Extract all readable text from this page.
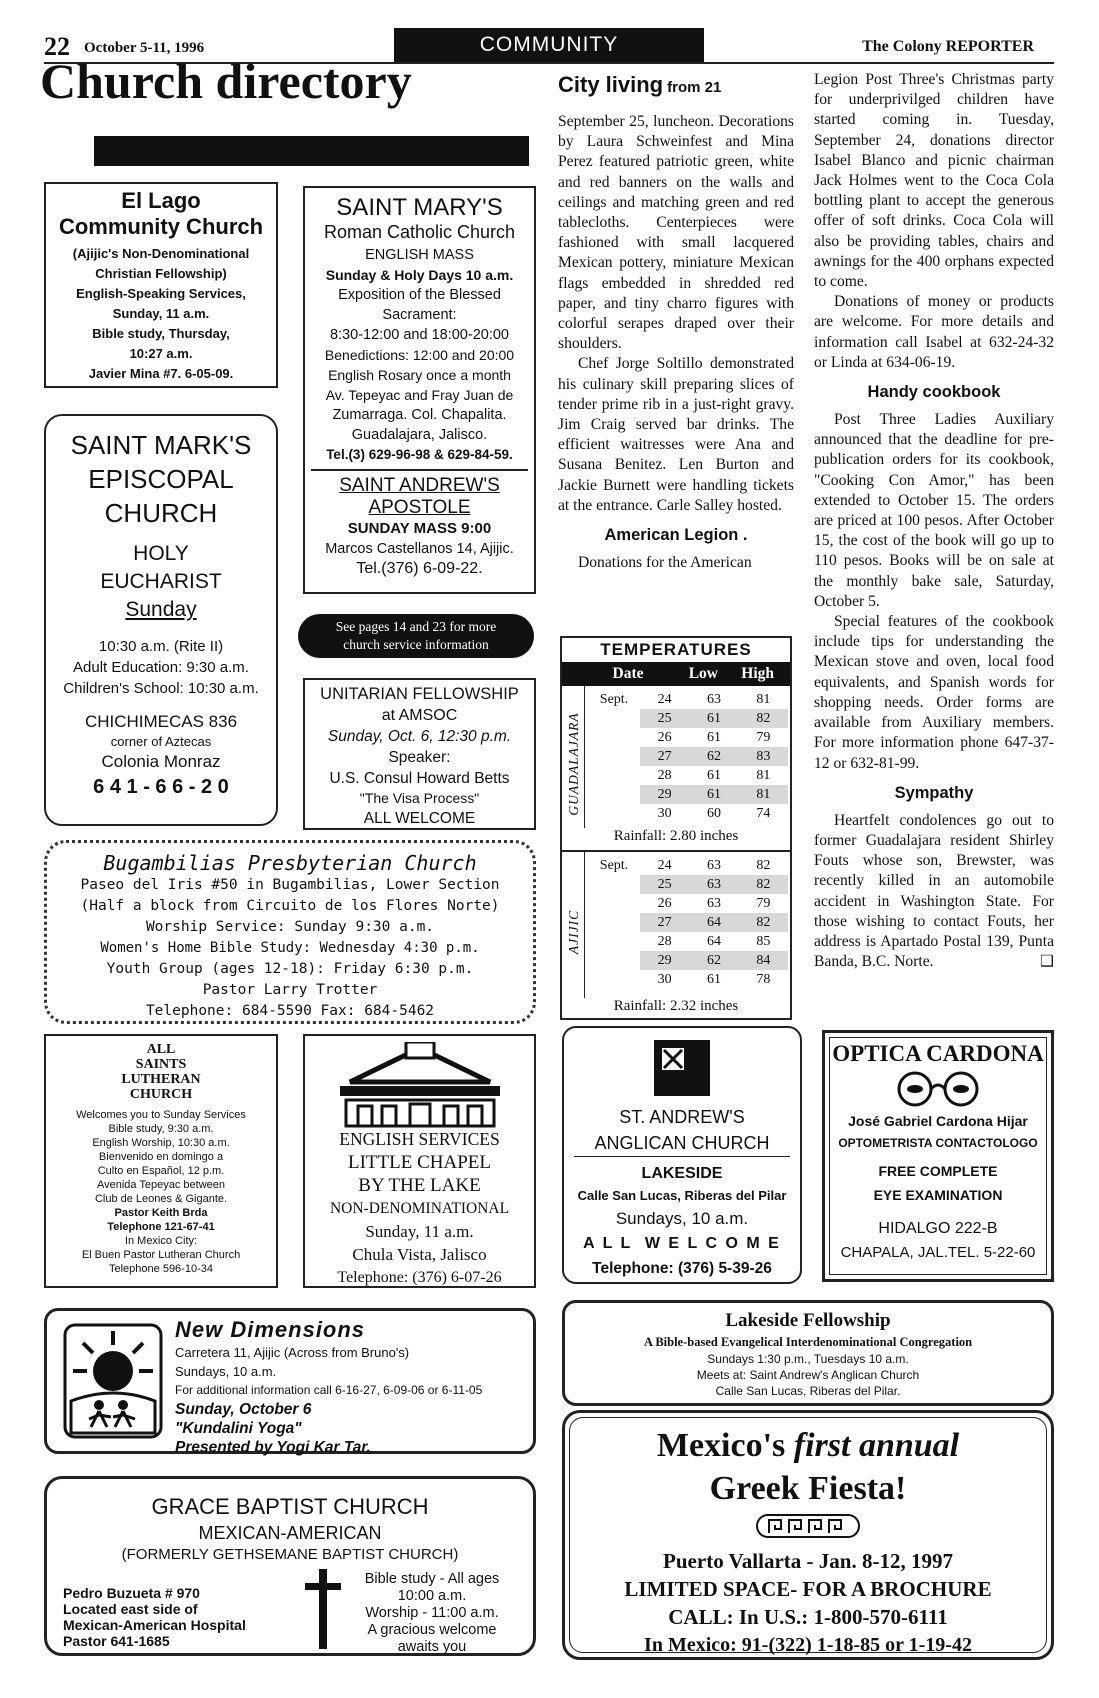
22 October 5-11, 1996	COMMUNITY	The Colony REPORTER
Church directory
El Lago
Community Church
(Ajijic's Non-Denominational
Christian Fellowship)
English-Speaking Services,
Sunday, 11 a.m.
Bible study, Thursday,
10:27 a.m.
Javier Mina #7. 6-05-09.
SAINT MARY'S
Roman Catholic Church
ENGLISH MASS
Sunday & Holy Days 10 a.m.
Exposition of the Blessed
Sacrament:
8:30-12:00 and 18:00-20:00
Benedictions: 12:00 and 20:00
English Rosary once a month
Av. Tepeyac and Fray Juan de
Zumarraga. Col. Chapalita.
Guadalajara, Jalisco.
Tel.(3) 629-96-98 & 629-84-59.
SAINT ANDREW'S APOSTOLE
SUNDAY MASS 9:00
Marcos Castellanos 14, Ajijic.
Tel.(376) 6-09-22.
SAINT MARK'S
EPISCOPAL
CHURCH
HOLY
EUCHARIST
Sunday
10:30 a.m. (Rite II)
Adult Education: 9:30 a.m.
Children's School: 10:30 a.m.
CHICHIMECAS 836
corner of Aztecas
Colonia Monraz
6 4 1 - 6 6 - 2 0
See pages 14 and 23 for more church service information
UNITARIAN FELLOWSHIP
at AMSOC
Sunday, Oct. 6, 12:30 p.m.
Speaker:
U.S. Consul Howard Betts
"The Visa Process"
ALL WELCOME
Bugambilias Presbyterian Church
Paseo del Iris #50 in Bugambilias, Lower Section
(Half a block from Circuito de los Flores Norte)
Worship Service: Sunday 9:30 a.m.
Women's Home Bible Study: Wednesday 4:30 p.m.
Youth Group (ages 12-18): Friday 6:30 p.m.
Pastor Larry Trotter
Telephone: 684-5590 Fax: 684-5462
City living from 21

September 25, luncheon. Decorations by Laura Schweinfest and Mina Perez featured patriotic green, white and red banners on the walls and ceilings and matching green and red tablecloths. Centerpieces were fashioned with small lacquered Mexican pottery, miniature Mexican flags embedded in shredded red paper, and tiny charro figures with colorful serapes draped over their shoulders.

Chef Jorge Soltillo demonstrated his culinary skill preparing slices of tender prime rib in a just-right gravy. Jim Craig served bar drinks. The efficient waitresses were Ana and Susana Benitez. Len Burton and Jackie Burnett were handling tickets at the entrance. Carle Salley hosted.

American Legion .

Donations for the American

TEMPERATURES
Date	Low	High
GUADALAJARA
Sept.	24	63	81
	25	61	82
	26	61	79
	27	62	83
	28	61	81
	29	61	81
	30	60	74
Rainfall: 2.80 inches
AJIJIC
Sept.	24	63	82
	25	63	82
	26	63	79
	27	64	82
	28	64	85
	29	62	84
	30	61	78
Rainfall: 2.32 inches

Legion Post Three's Christmas party for underprivilged children have started coming in. Tuesday, September 24, donations director Isabel Blanco and picnic chairman Jack Holmes went to the Coca Cola bottling plant to accept the generous offer of soft drinks. Coca Cola will also be providing tables, chairs and awnings for the 400 orphans expected to come.

Donations of money or products are welcome. For more details and information call Isabel at 632-24-32 or Linda at 634-06-19.

Handy cookbook

Post Three Ladies Auxiliary announced that the deadline for pre-publication orders for its cookbook, "Cooking Con Amor," has been extended to October 15. The orders are priced at 100 pesos. After October 15, the cost of the book will go up to 110 pesos. Books will be on sale at the monthly bake sale, Saturday, October 5.

Special features of the cookbook include tips for understanding the Mexican stove and oven, local food equivalents, and Spanish words for shopping needs. Order forms are available from Auxiliary members. For more information phone 647-37-12 or 632-81-99.

Sympathy

Heartfelt condolences go out to former Guadalajara resident Shirley Fouts whose son, Brewster, was recently killed in an automobile accident in Washington State. For those wishing to contact Fouts, her address is Apartado Postal 139, Punta Banda, B.C. Norte.	❑

ALL
SAINTS
LUTHERAN
CHURCH
Welcomes you to Sunday Services
Bible study, 9:30 a.m.
English Worship, 10:30 a.m.
Bienvenido en domingo a
Culto en Español, 12 p.m.
Avenida Tepeyac between
Club de Leones & Gigante.
Pastor Keith Brda
Telephone 121-67-41
In Mexico City:
El Buen Pastor Lutheran Church
Telephone 596-10-34
ENGLISH SERVICES
LITTLE CHAPEL
BY THE LAKE
NON-DENOMINATIONAL
Sunday, 11 a.m.
Chula Vista, Jalisco
Telephone: (376) 6-07-26
ST. ANDREW'S
ANGLICAN CHURCH
LAKESIDE
Calle San Lucas, Riberas del Pilar
Sundays, 10 a.m.
A L L  W E L C O M E
Telephone: (376) 5-39-26
OPTICA CARDONA
José Gabriel Cardona Hijar
OPTOMETRISTA CONTACTOLOGO
FREE COMPLETE
EYE EXAMINATION
HIDALGO 222-B
CHAPALA, JAL.TEL. 5-22-60
New Dimensions
Carretera 11, Ajijic (Across from Bruno's)
Sundays, 10 a.m.
For additional information call 6-16-27, 6-09-06 or 6-11-05
Sunday, October 6
"Kundalini Yoga"
Presented by Yogi Kar Tar.
Lakeside Fellowship
A Bible-based Evangelical Interdenominational Congregation
Sundays 1:30 p.m., Tuesdays 10 a.m.
Meets at: Saint Andrew's Anglican Church
Calle San Lucas, Riberas del Pilar.
GRACE BAPTIST CHURCH
MEXICAN-AMERICAN
(FORMERLY GETHSEMANE BAPTIST CHURCH)
Pedro Buzueta # 970
Located east side of
Mexican-American Hospital
Pastor 641-1685
Bible study - All ages
10:00 a.m.
Worship - 11:00 a.m.
A gracious welcome
awaits you
Mexico's first annual
Greek Fiesta!
Puerto Vallarta - Jan. 8-12, 1997
LIMITED SPACE- FOR A BROCHURE
CALL: In U.S.: 1-800-570-6111
In Mexico: 91-(322) 1-18-85 or 1-19-42
